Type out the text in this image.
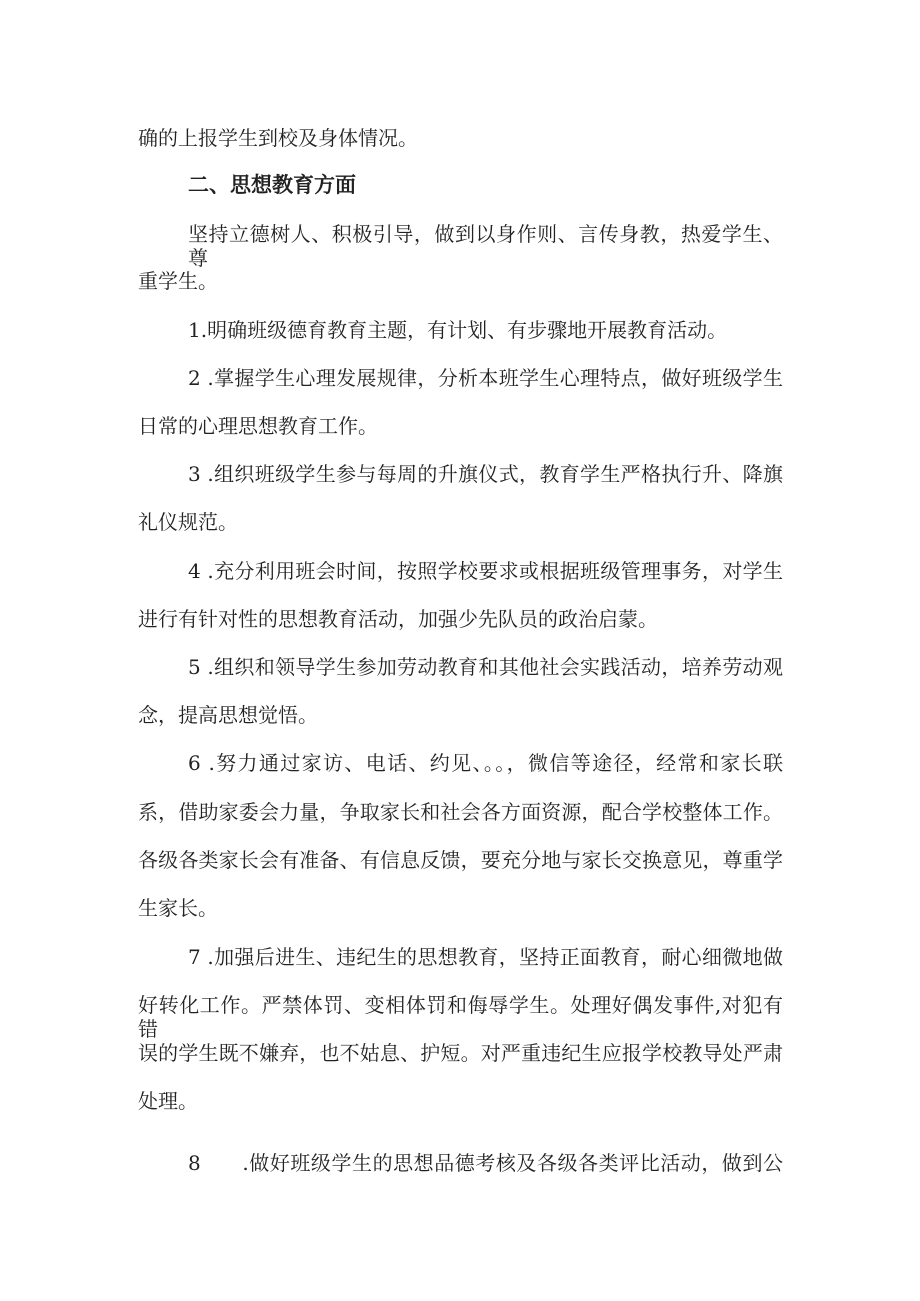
确的上报学生到校及身体情况。
二、思想教育方面
坚持立德树人、积极引导，做到以身作则、言传身教，热爱学生、尊
重学生。
1.明确班级德育教育主题，有计划、有步骤地开展教育活动。
2 .掌握学生心理发展规律，分析本班学生心理特点，做好班级学生
日常的心理思想教育工作。
3 .组织班级学生参与每周的升旗仪式，教育学生严格执行升、降旗
礼仪规范。
4 .充分利用班会时间，按照学校要求或根据班级管理事务，对学生
进行有针对性的思想教育活动，加强少先队员的政治启蒙。
5 .组织和领导学生参加劳动教育和其他社会实践活动，培养劳动观
念，提高思想觉悟。
6 .努力通过家访、电话、约见、。。，微信等途径，经常和家长联
系，借助家委会力量，争取家长和社会各方面资源，配合学校整体工作。
各级各类家长会有准备、有信息反馈，要充分地与家长交换意见，尊重学
生家长。
7 .加强后进生、违纪生的思想教育，坚持正面教育，耐心细微地做
好转化工作。严禁体罚、变相体罚和侮辱学生。处理好偶发事件,对犯有错
误的学生既不嫌弃，也不姑息、护短。对严重违纪生应报学校教导处严肃
处理。
8　　.做好班级学生的思想品德考核及各级各类评比活动，做到公
